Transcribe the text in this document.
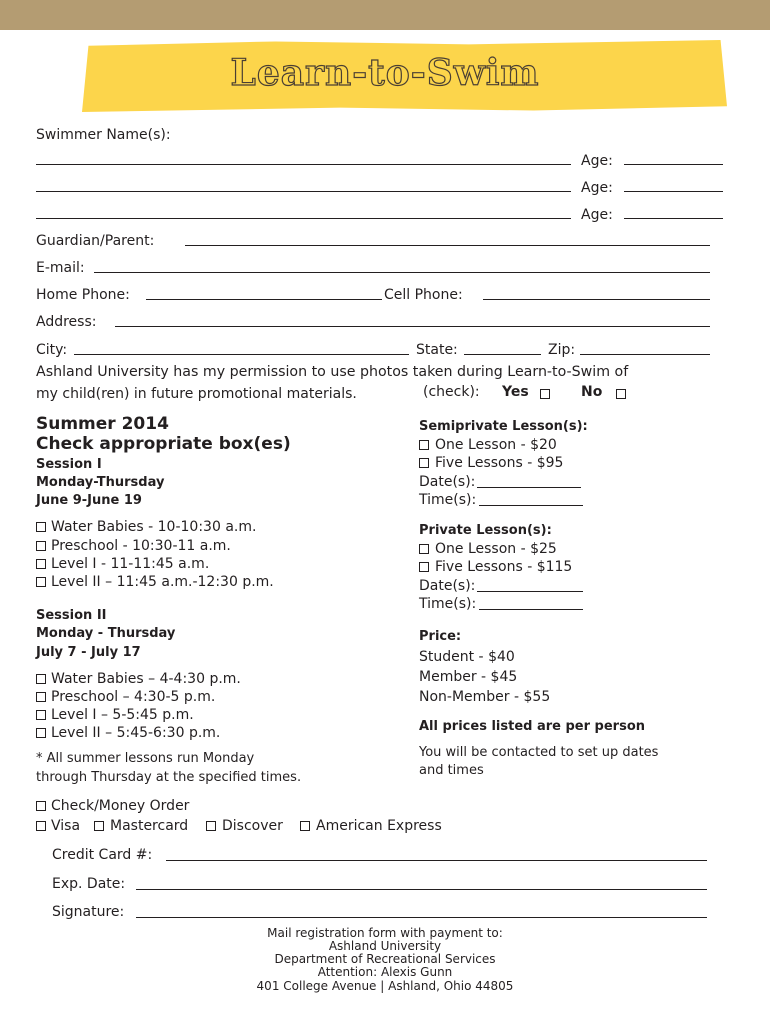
Learn-to-Swim
Swimmer Name(s):
Age:
Age:
Age:
Guardian/Parent:
E-mail:
Home Phone:	Cell Phone:
Address:
City:	State:	Zip:
Ashland University has my permission to use photos taken during Learn-to-Swim of
my child(ren) in future promotional materials.	(check): Yes	No
Summer 2014
Check appropriate box(es)
Session I
Monday-Thursday
June 9-June 19
Water Babies - 10-10:30 a.m.
Preschool - 10:30-11 a.m.
Level I - 11-11:45 a.m.
Level II – 11:45 a.m.-12:30 p.m.
Session II
Monday - Thursday
July 7 - July 17
Water Babies – 4-4:30 p.m.
Preschool – 4:30-5 p.m.
Level I – 5-5:45 p.m.
Level II – 5:45-6:30 p.m.
* All summer lessons run Monday
through Thursday at the specified times.
Semiprivate Lesson(s):
One Lesson - $20
Five Lessons - $95
Date(s):
Time(s):
Private Lesson(s):
One Lesson - $25
Five Lessons - $115
Date(s):
Time(s):
Price:
Student - $40
Member - $45
Non-Member - $55
All prices listed are per person
You will be contacted to set up dates
and times
Check/Money Order
Visa Mastercard Discover American Express
Credit Card #:
Exp. Date:
Signature:
Mail registration form with payment to:
Ashland University
Department of Recreational Services
Attention: Alexis Gunn
401 College Avenue | Ashland, Ohio 44805
